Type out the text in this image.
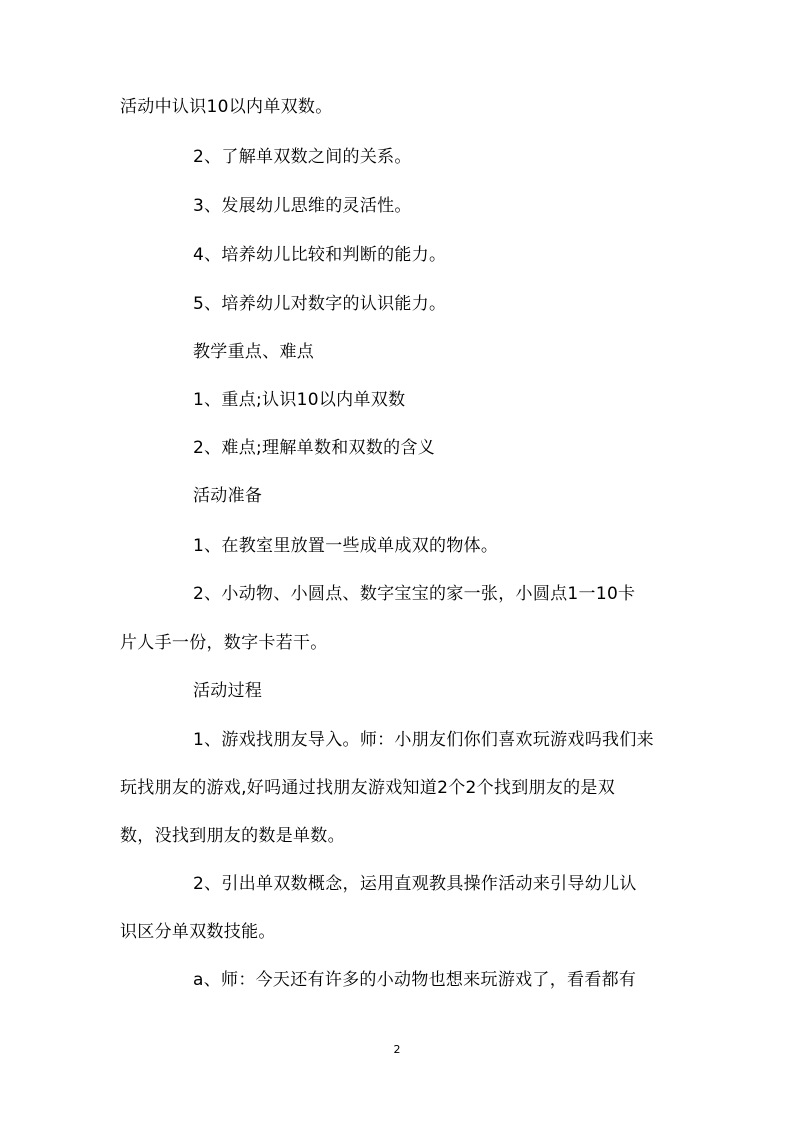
活动中认识10以内单双数。
2、了解单双数之间的关系。
3、发展幼儿思维的灵活性。
4、培养幼儿比较和判断的能力。
5、培养幼儿对数字的认识能力。
教学重点、难点
1、重点;认识10以内单双数
2、难点;理解单数和双数的含义
活动准备
1、在教室里放置一些成单成双的物体。
2、小动物、小圆点、数字宝宝的家一张，小圆点1一10卡
片人手一份，数字卡若干。
活动过程
1、游戏找朋友导入。师：小朋友们你们喜欢玩游戏吗我们来
玩找朋友的游戏,好吗通过找朋友游戏知道2个2个找到朋友的是双
数，没找到朋友的数是单数。
2、引出单双数概念，运用直观教具操作活动来引导幼儿认
识区分单双数技能。
a、师：今天还有许多的小动物也想来玩游戏了，看看都有
2
